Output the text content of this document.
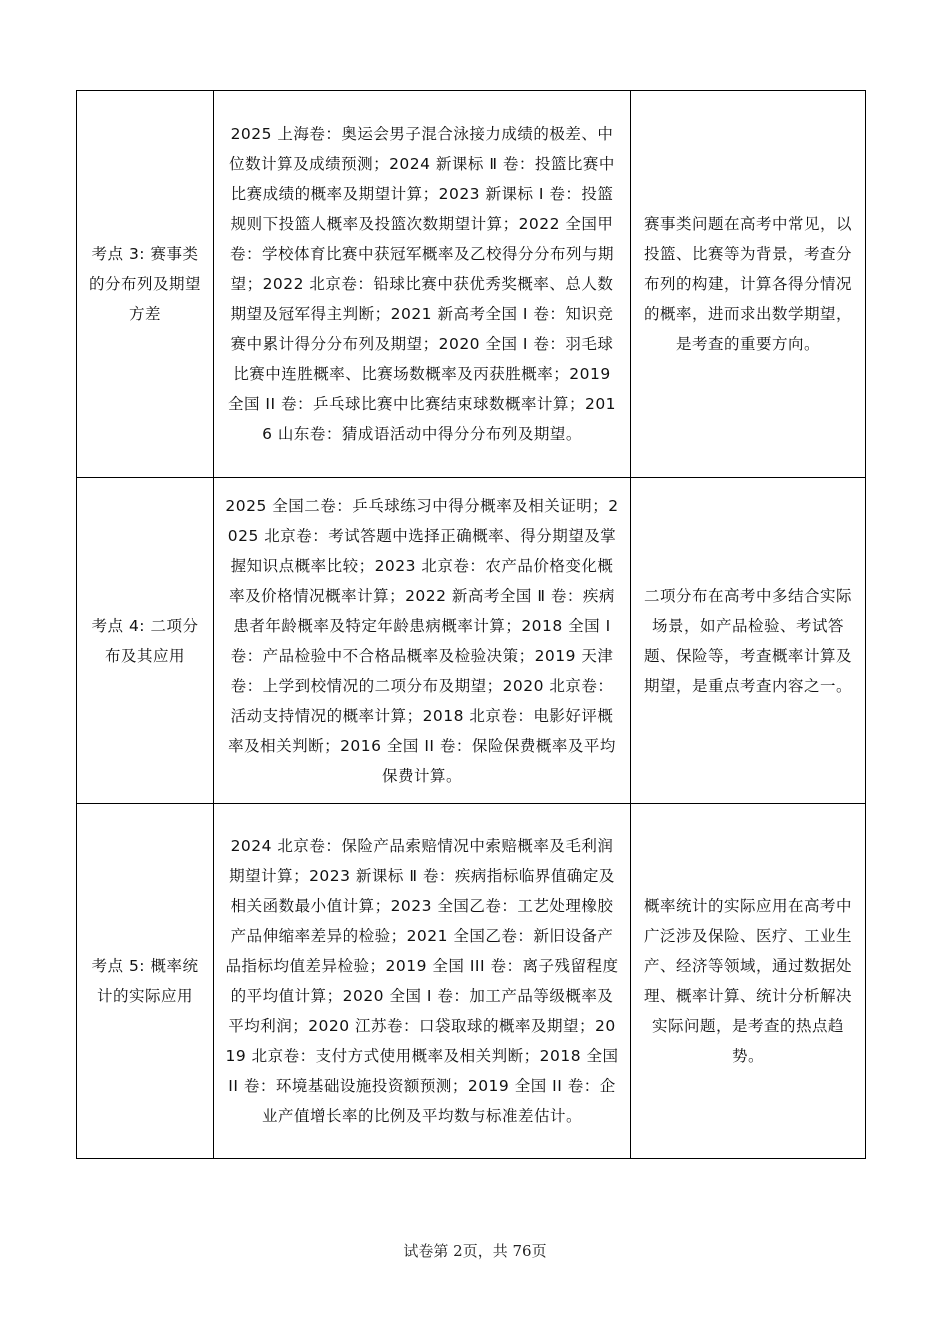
考点 3: 赛事类的分布列及期望方差	2025 上海卷：奥运会男子混合泳接力成绩的极差、中位数计算及成绩预测；2024 新课标 Ⅱ 卷：投篮比赛中比赛成绩的概率及期望计算；2023 新课标 Ⅰ 卷：投篮规则下投篮人概率及投篮次数期望计算；2022 全国甲卷：学校体育比赛中获冠军概率及乙校得分分布列与期望；2022 北京卷：铅球比赛中获优秀奖概率、总人数期望及冠军得主判断；2021 新高考全国 Ⅰ 卷：知识竞赛中累计得分分布列及期望；2020 全国 I 卷：羽毛球比赛中连胜概率、比赛场数概率及丙获胜概率；2019 全国 II 卷：乒乓球比赛中比赛结束球数概率计算；2016 山东卷：猜成语活动中得分分布列及期望。	赛事类问题在高考中常见，以投篮、比赛等为背景，考查分布列的构建，计算各得分情况的概率，进而求出数学期望，是考查的重要方向。
考点 4: 二项分布及其应用	2025 全国二卷：乒乓球练习中得分概率及相关证明；2025 北京卷：考试答题中选择正确概率、得分期望及掌握知识点概率比较；2023 北京卷：农产品价格变化概率及价格情况概率计算；2022 新高考全国 Ⅱ 卷：疾病患者年龄概率及特定年龄患病概率计算；2018 全国 I 卷：产品检验中不合格品概率及检验决策；2019 天津卷：上学到校情况的二项分布及期望；2020 北京卷：活动支持情况的概率计算；2018 北京卷：电影好评概率及相关判断；2016 全国 II 卷：保险保费概率及平均保费计算。	二项分布在高考中多结合实际场景，如产品检验、考试答题、保险等，考查概率计算及期望，是重点考查内容之一。
考点 5: 概率统计的实际应用	2024 北京卷：保险产品索赔情况中索赔概率及毛利润期望计算；2023 新课标 Ⅱ 卷：疾病指标临界值确定及相关函数最小值计算；2023 全国乙卷：工艺处理橡胶产品伸缩率差异的检验；2021 全国乙卷：新旧设备产品指标均值差异检验；2019 全国 III 卷：离子残留程度的平均值计算；2020 全国 I 卷：加工产品等级概率及平均利润；2020 江苏卷：口袋取球的概率及期望；2019 北京卷：支付方式使用概率及相关判断；2018 全国 II 卷：环境基础设施投资额预测；2019 全国 II 卷：企业产值增长率的比例及平均数与标准差估计。	概率统计的实际应用在高考中广泛涉及保险、医疗、工业生产、经济等领域，通过数据处理、概率计算、统计分析解决实际问题，是考查的热点趋势。
试卷第 2页，共 76页
